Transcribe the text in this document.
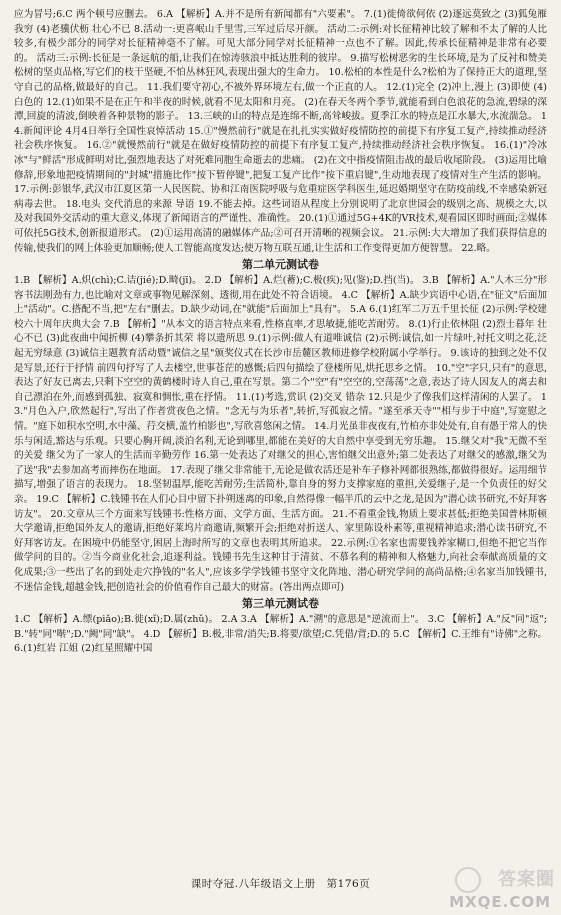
应为冒号;6.C 两个顿号应删去。 6.A 【解析】A.并不是所有新闻都有"六要素"。 7.(1)徙倚欲何依 (2)逐远莫致之 (3)狐兔雁我穷 (4)老骥伏枥 壮心不已 8.活动一:更喜岷山千里雪,三军过后尽开颜。 活动二:示例:对长征精神比较了解和不太了解的人比较多,有极少部分的同学对长征精神毫不了解。可见大部分同学对长征精神一点也不了解。因此,传承长征精神是非常有必要的。 活动三:示例:长征是一条远航的船,让我们在惊涛骇浪中抵达胜利的彼岸。 9.描写松树恶劣的生长环境,是为了反衬和赞美松树的坚贞品格,写它们的枝干坚硬,不怕丛林狂风,表现出强大的生命力。 10.松柏的本性是什么?松柏为了保持正大的道理,坚守自己的品格,做最好的自己。 11.我们要守初心,不被外界环境左右,做一个正直的人。 12.(1)完全 (2)冲上,漫上 (3)即使 (4)白色的 12.(1)如果不是在正午和半夜的时候,就看不见太阳和月亮。 (2)在春天冬两个季节,就能看到白色浪花的急流,碧绿的深潭,回旋的清波,倒映着各种景物的影子。 13.三峡的山的特点是连绵不断,高耸峻拔。夏季江水的特点是江水暴大,水流湍急。 14.新闻评论 4月4日举行全国性哀悼活动 15.①"慢然前行"就是在扎扎实实做好疫情防控的前提下有序复工复产,持续推动经济社会秩序恢复。 16.②"就慢然前行"就是在做好疫情防控的前提下有序复工复产,持续推动经济社会秩序恢复。 16.(1)"冷冰冰"与"鲜活"形成鲜明对比,强烈地表达了对死难同胞生命逝去的悲痛。 (2)在文中指疫情阻击战的最后收尾阶段。 (3)运用比喻修辞,形象地把疫情期间的"封城"措施比作"按下暂停键",把复工复产比作"按下重启键",生动地表现了疫情对生产生活的影响。 17.示例:彭银华,武汉市江夏区第一人民医院、协和江南医院呼吸与危重症医学科医生,延迟婚期坚守在防疫前线,不幸感染新冠病毒去世。 18.电头 交代消息的来源 导语 19.不能去掉。这些词语从程度上分别说明了北京世园会的级别之高、规模之大,以及对我国外交活动的重大意义,体现了新闻语言的严谨性、准确性。 20.(1)①通过5G+4K的VR技术,观看园区即时画面;②媒体可依托5G技术,创新报道形式。 (2)①运用高清的融媒体产品;②可召开清晰的视频会议。 21.示例:大大增加了我们获得信息的传输,使我们的网上体验更加顺畅;使人工智能高度发达;使万物互联互通,让生活和工作变得更加方便智慧。 22.略。

第二单元测试卷

1.B 【解析】A.炽(chì);C.诘(jié);D.畸(jī)。 2.D 【解析】A.烂(蓄);C.极(疾);见(鉴);D.挡(当)。 3.B 【解析】A."人木三分"形容书法刚劲有力,也比喻对文章或事物见解深刻、透彻,用在此处不符合语境。 4.C 【解析】A.缺少宾语中心语,在"征文"后面加上"活动"。C.搭配不当,把"左右"删去。D.缺少动词,在"就能"后面加上"具有"。 5.A 6.(1)红军二万五千里长征 (2)示例:学校建校六十周年庆典大会 7.B 【解析】"从本文的语言特点来看,性格直率,才思敏捷,能吃苦耐劳。 8.(1)行止依林阻 (2)烈士暮年 壮心不已 (3)此夜曲中闻折柳 (4)攀条折其荣 将以遗所思 9.(1)示例:做人有道唯诚信 (2)示例:诚信,如一片绿叶,衬托文明之花,泛起无穷绿意 (3)诚信主题教育活动暨"诚信之星"颁奖仪式在长沙市岳麓区教师进修学校附属小学举行。 9.该诗的独到之处不仅是写景,还行于抒情 前四句抒写了人去楼空,世事苍茫的感慨;后四句描绘了登楼所见,烘托思乡之情。 10."空"字只,只有"的意思,表达了好友已离去,只剩下空空的黄鹤楼时诗人自己,重在写景。第二个"空"有"空空的,空荡荡"之意,表达了诗人因友人的离去和自己漂泊在外,而感到孤独、寂寞和惆怅,重在抒情。 11.(1)考选,赏识 (2)交叉 错杂 12.只是少了像我们这样清闲的人罢了。 13."月色入户,欣然起行",写出了作者赏夜色之情。"念无与为乐者",转折,写孤寂之情。"遂至承天寺""相与步于中庭",写宽慰之情。"庭下如积水空明,水中藻、荇交横,盖竹柏影也",写欣喜悠闲之情。 14.月光虽非夜夜有,竹柏亦非处处有,自有愚于常人的快乐与闲适,豁达与乐观。只要心胸开阔,淡泊名利,无论到哪里,都能在美好的大自然中享受到无穷乐趣。 15.继父对"我"无微不至的关爱 继父为了一家人的生活而辛勤劳作 16.第一处表达了对继父的担心,害怕继父出意外;第二处表达了对继父的感激,继父为了送"我"去参加高考而摔伤在地面。 17.表现了继父非常能干,无论是做农活还是补车子修补网都很熟练,都做得很好。运用细节描写,增强了语言的表现力。 18.坚韧温厚,能吃苦耐劳;生活简朴,靠自身的努力支撑家庭的重担,关爱继子,是一个负责任的好父亲。 19.C 【解析】C.钱锺书在人们心目中留下扑朔迷离的印象,自然得像一幅半爪的云中之龙,是因为"潜心读书研究,不好拜客访友"。 20.文章从三个方面来写钱锺书:性格方面、文学方面、生活方面。 21.不看重金钱,物质上要求甚低;拒绝美国普林斯顿大学邀请,拒绝国外友人的邀请,拒绝好莱坞片商邀请,频繁开会;拒绝对折送人、家里陈设朴素等,重视精神追求;潜心读书研究,不好拜客访友。在困境中仍能坚守,困居上海时所写的文章也表明其所追求。 22.示例:①名家也需要钱养家糊口,但绝不把它当作做学问的目的。②当今商业化社会,追逐利益。钱锺书先生这种甘于清贫、不慕名利的精神和人格魅力,向社会奉献高质量的文化成果;③一些出了名的到处走穴挣钱的"名人",应该多学学钱锺书坚守文化阵地、潜心研究学问的高尚品格;④名家当加钱锺书,不迷信金钱,超越金钱,把创造社会的价值看作自己最大的财富。(答出两点即可)

第三单元测试卷

1.C 【解析】A.缥(piǎo);B.徙(xǐ);D.属(zhǔ)。 2.A 3.A 【解析】A."溯"的意思是"逆流而上"。 3.C 【解析】A."反"同"返";B."转"同"啭";D."阙"同"缺"。 4.D 【解析】B.极,非常/消失;B.将要/欲望;C.凭借/背;D.的 5.C 【解析】C.王维有"诗佛"之称。 6.(1)红岩 江姐 (2)红星照耀中国

课时夺冠.八年级语文上册　第176页	答案圈
MXQE.COM
